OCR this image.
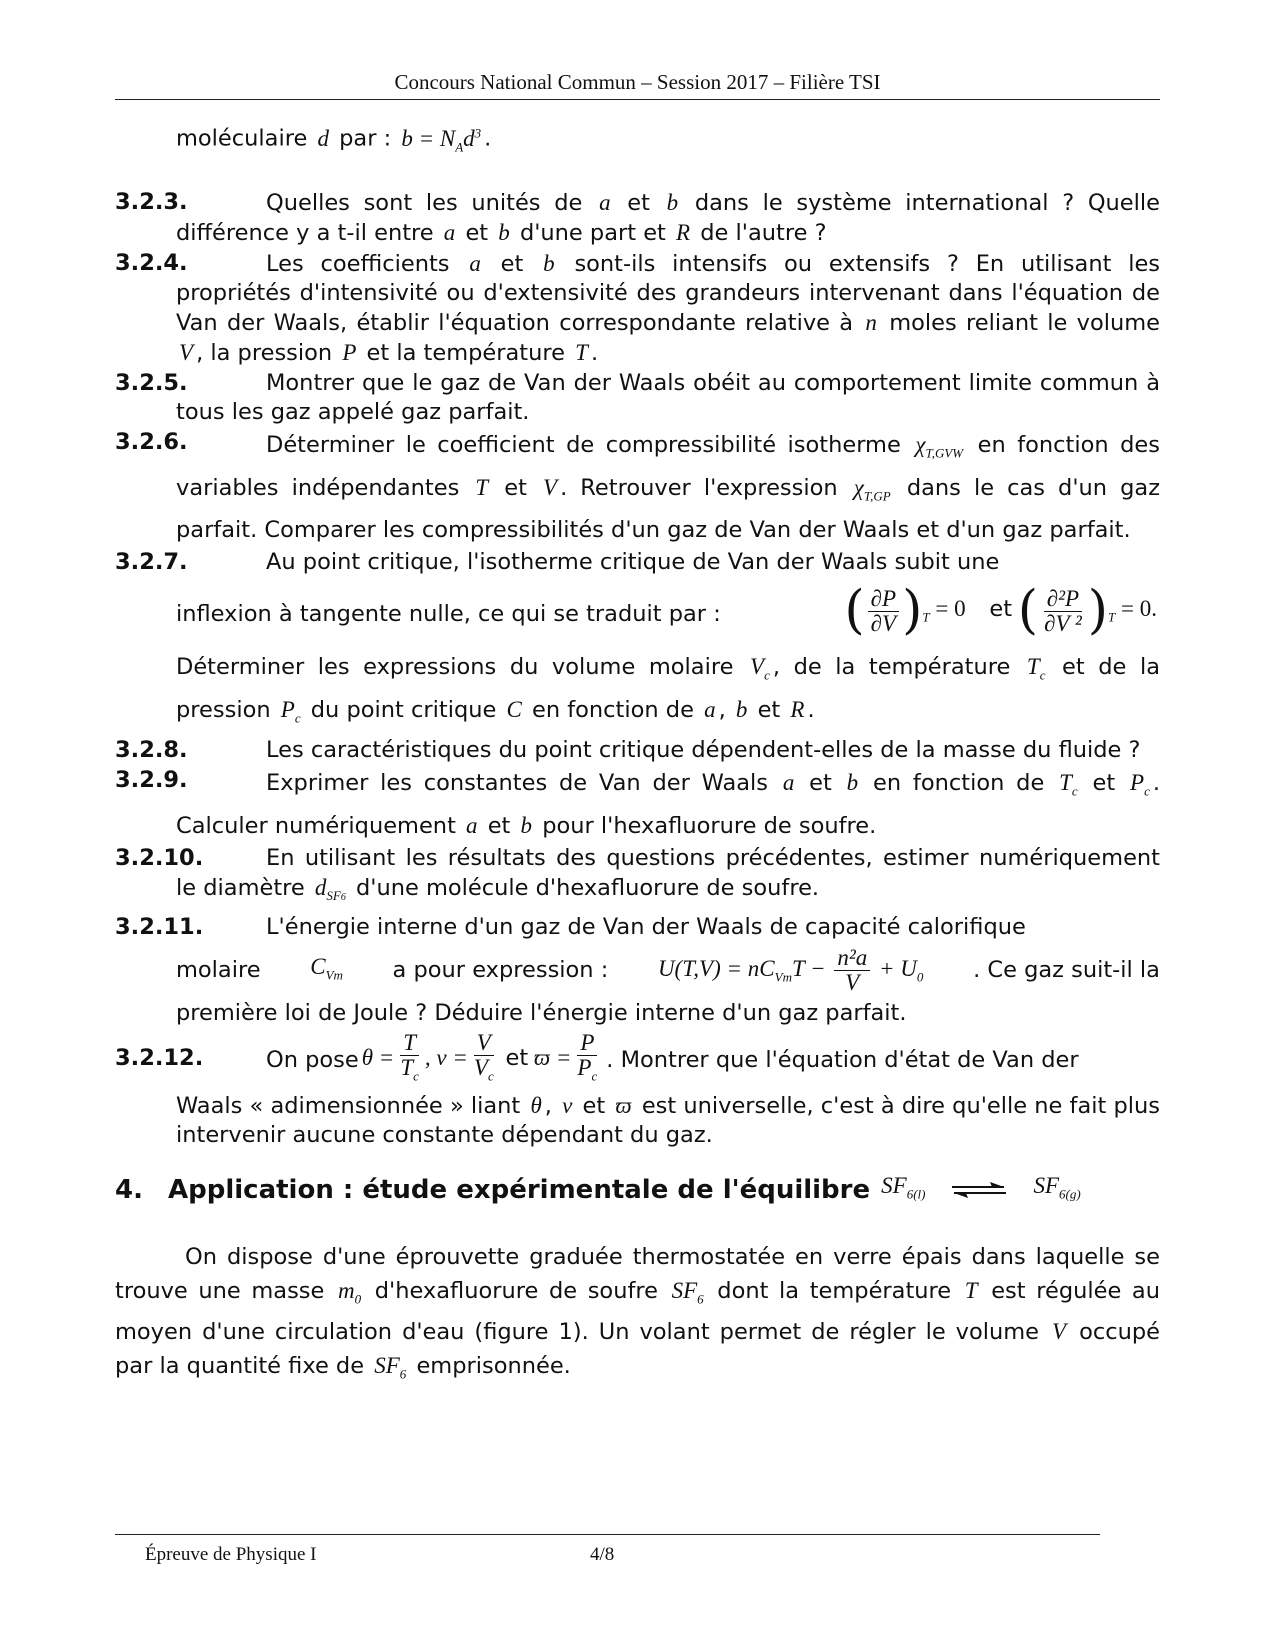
Concours National Commun – Session 2017 – Filière TSI
moléculaire d par : $b = N_Ad^3$ .
3.2.3.	Quelles sont les unités de a et b dans le système international ? Quelle différence y a t-il entre a et b d'une part et R de l'autre ?
3.2.4.	Les coefficients a et b sont-ils intensifs ou extensifs ? En utilisant les propriétés d'intensivité ou d'extensivité des grandeurs intervenant dans l'équation de Van der Waals, établir l'équation correspondante relative à n moles reliant le volume V , la pression P et la température T .
3.2.5.	Montrer que le gaz de Van der Waals obéit au comportement limite commun à tous les gaz appelé gaz parfait.
3.2.6.	Déterminer le coefficient de compressibilité isotherme $\chi_{T,GVW}$ en fonction des variables indépendantes T et V . Retrouver l'expression $\chi_{T,GP}$ dans le cas d'un gaz parfait. Comparer les compressibilités d'un gaz de Van der Waals et d'un gaz parfait.
3.2.7.	Au point critique, l'isotherme critique de Van der Waals subit une
inflexion à tangente nulle, ce qui se traduit par : ( $\frac{\partial P}{\partial V} )_T = 0$ et ( $\frac{\text{∂²P}}{\text{∂V ²}} )_T = 0$.
Déterminer les expressions du volume molaire $V_c$ , de la température $T_c$ et de la pression $P_c$ du point critique C en fonction de a , b et R .
3.2.8.	Les caractéristiques du point critique dépendent-elles de la masse du fluide ?
3.2.9.	Exprimer les constantes de Van der Waals a et b en fonction de $T_c$ et $P_c$ . Calculer numériquement a et b pour l'hexafluorure de soufre.
3.2.10.	En utilisant les résultats des questions précédentes, estimer numériquement le diamètre $d_{SF6}$ d'une molécule d'hexafluorure de soufre.
3.2.11.	L'énergie interne d'un gaz de Van der Waals de capacité calorifique
molaire $C_{Vm}$ a pour expression : $U(T,V) = nC_{Vm}T - \frac{\text{n²a}}{V} + U_0$ . Ce gaz suit-il la
première loi de Joule ? Déduire l'énergie interne d'un gaz parfait.
3.2.12.	On pose $\theta = \frac{T}{T_c}$ , $\nu = \frac{V}{V_c}$ et $ϖ = \frac{P}{P_c}$ . Montrer que l'équation d'état de Van der
Waals « adimensionnée » liant θ , ν et ϖ est universelle, c'est à dire qu'elle ne fait plus intervenir aucune constante dépendant du gaz.
4. Application : étude expérimentale de l'équilibre $SF_{6(l)}$ ⇌ $SF_{6(g)}$
On dispose d'une éprouvette graduée thermostatée en verre épais dans laquelle se trouve une masse $m_0$ d'hexafluorure de soufre $SF_6$ dont la température T est régulée au moyen d'une circulation d'eau (figure 1). Un volant permet de régler le volume V occupé par la quantité fixe de $SF_6$ emprisonnée.
Épreuve de Physique I	4/8
